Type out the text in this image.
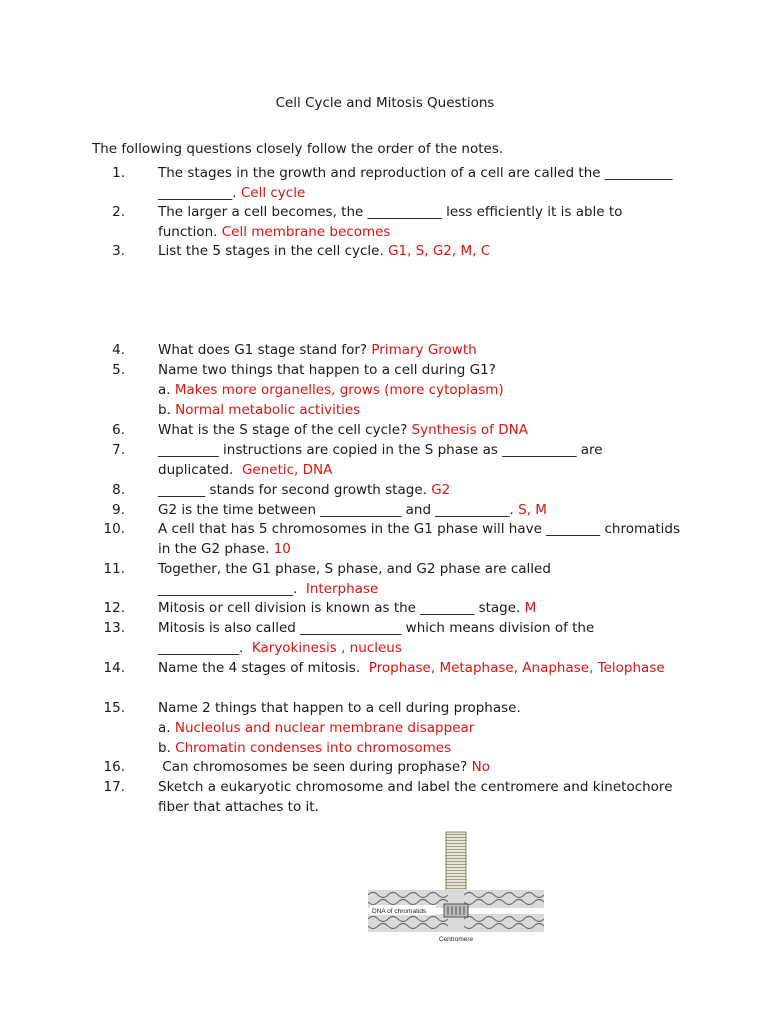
Cell Cycle and Mitosis Questions
The following questions closely follow the order of the notes.
1. The stages in the growth and reproduction of a cell are called the __________
___________. Cell cycle
2. The larger a cell becomes, the ___________ less efficiently it is able to
function. Cell membrane becomes
3. List the 5 stages in the cell cycle. G1, S, G2, M, C
4. What does G1 stage stand for? Primary Growth
5. Name two things that happen to a cell during G1?
a. Makes more organelles, grows (more cytoplasm)
b. Normal metabolic activities
6. What is the S stage of the cell cycle? Synthesis of DNA
7. _________ instructions are copied in the S phase as ___________ are
duplicated.  Genetic, DNA
8. _______ stands for second growth stage. G2
9. G2 is the time between ____________ and ___________. S, M
10. A cell that has 5 chromosomes in the G1 phase will have ________ chromatids
in the G2 phase. 10
11. Together, the G1 phase, S phase, and G2 phase are called
____________________.  Interphase
12. Mitosis or cell division is known as the ________ stage. M
13. Mitosis is also called _______________ which means division of the
____________.  Karyokinesis , nucleus
14. Name the 4 stages of mitosis.  Prophase, Metaphase, Anaphase, Telophase
15. Name 2 things that happen to a cell during prophase.
a. Nucleolus and nuclear membrane disappear
b. Chromatin condenses into chromosomes
16. Can chromosomes be seen during prophase? No
17. Sketch a eukaryotic chromosome and label the centromere and kinetochore
fiber that attaches to it.
DNA of chromatids
Centromere
